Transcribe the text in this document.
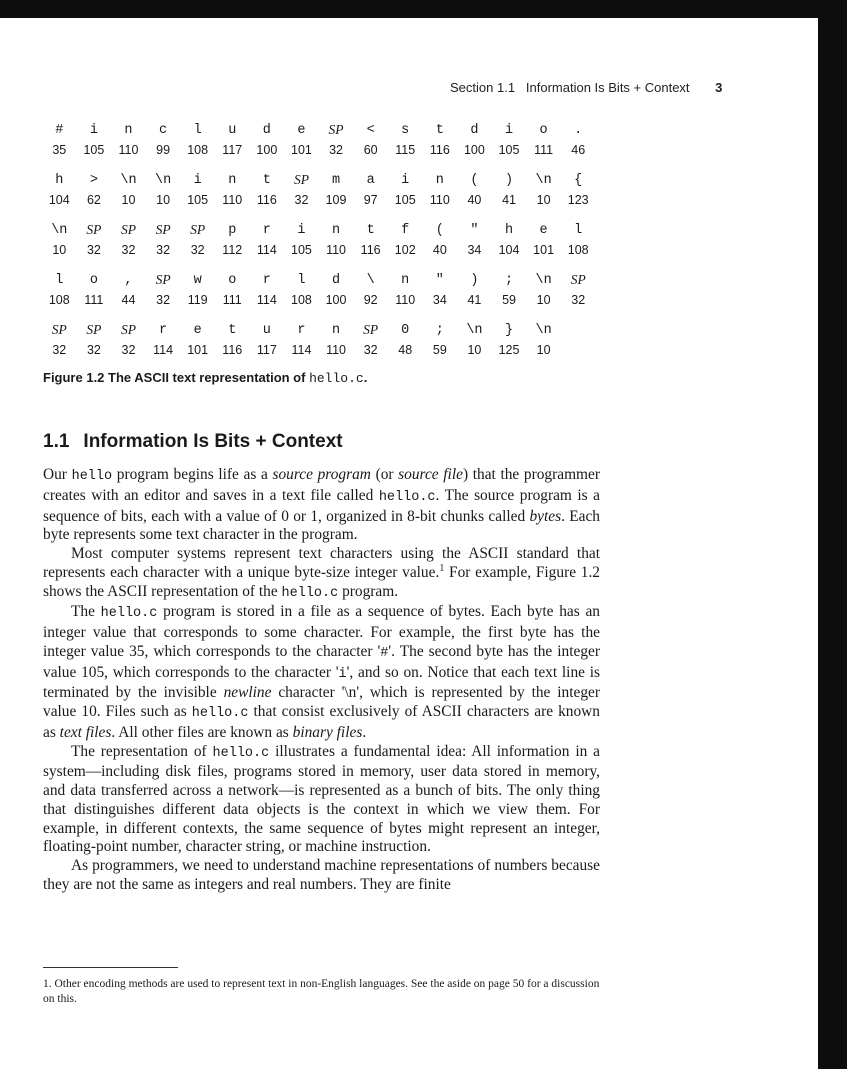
Section 1.1 Information Is Bits + Context 3
#	i	n	c	l	u	d	e	SP	<	s	t	d	i	o	.
35	105	110	99	108	117	100	101	32	60	115	116	100	105	111	46

h	>	\n	\n	i	n	t	SP	m	a	i	n	(	)	\n	{
104	62	10	10	105	110	116	32	109	97	105	110	40	41	10	123

\n	SP	SP	SP	SP	p	r	i	n	t	f	(	"	h	e	l
10	32	32	32	32	112	114	105	110	116	102	40	34	104	101	108

l	o	,	SP	w	o	r	l	d	\	n	"	)	;	\n	SP
108	111	44	32	119	111	114	108	100	92	110	34	41	59	10	32

SP	SP	SP	r	e	t	u	r	n	SP	0	;	\n	}	\n	
32	32	32	114	101	116	117	114	110	32	48	59	10	125	10	
Figure 1.2 The ASCII text representation of hello.c.
1.1 Information Is Bits + Context

Our hello program begins life as a source program (or source file) that the programmer creates with an editor and saves in a text file called hello.c. The source program is a sequence of bits, each with a value of 0 or 1, organized in 8-bit chunks called bytes. Each byte represents some text character in the program.

Most computer systems represent text characters using the ASCII standard that represents each character with a unique byte-size integer value.$^1$ For example, Figure 1.2 shows the ASCII representation of the hello.c program.

The hello.c program is stored in a file as a sequence of bytes. Each byte has an integer value that corresponds to some character. For example, the first byte has the integer value 35, which corresponds to the character '#'. The second byte has the integer value 105, which corresponds to the character 'i', and so on. Notice that each text line is terminated by the invisible newline character '\n', which is represented by the integer value 10. Files such as hello.c that consist exclusively of ASCII characters are known as text files. All other files are known as binary files.

The representation of hello.c illustrates a fundamental idea: All information in a system—including disk files, programs stored in memory, user data stored in memory, and data transferred across a network—is represented as a bunch of bits. The only thing that distinguishes different data objects is the context in which we view them. For example, in different contexts, the same sequence of bytes might represent an integer, floating-point number, character string, or machine instruction.

As programmers, we need to understand machine representations of numbers because they are not the same as integers and real numbers. They are finite

1. Other encoding methods are used to represent text in non-English languages. See the aside on page 50 for a discussion on this.
